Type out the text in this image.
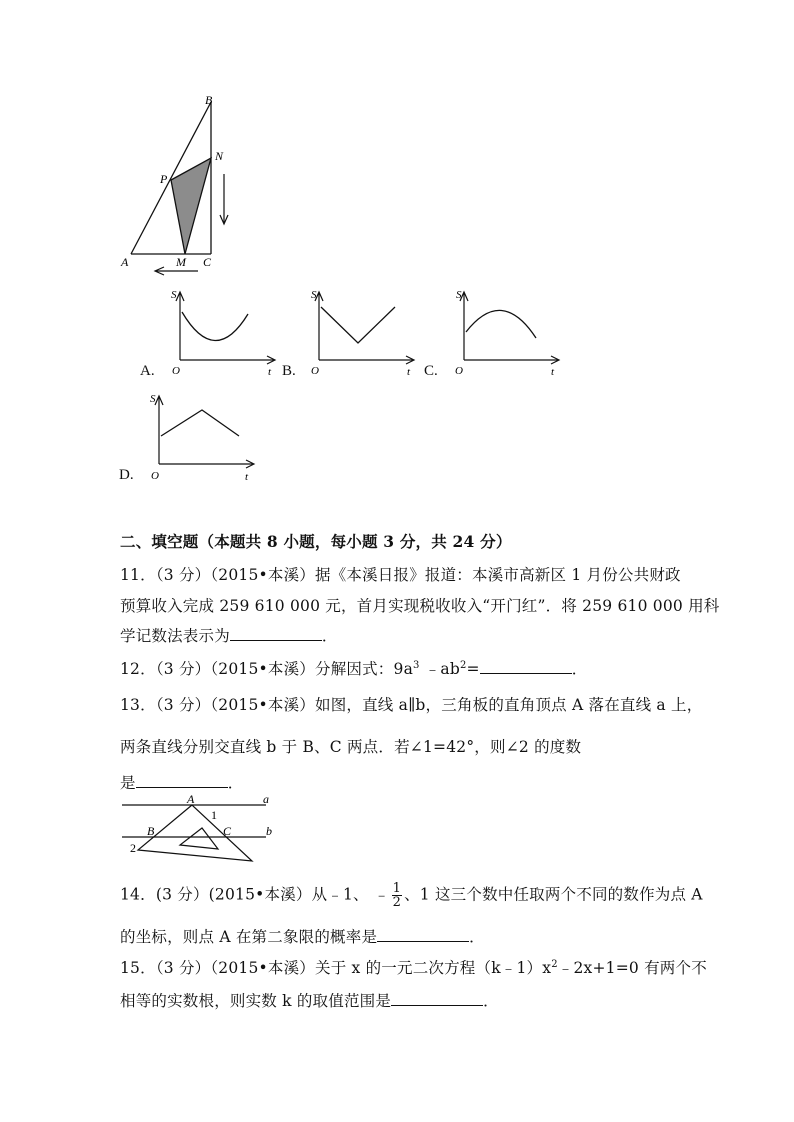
B
N
P
A	M C
S
O	t
A.
S
O	t
B.
S
O	t
C.
S
O	t
D.
二、填空题（本题共 8 小题，每小题 3 分，共 24 分）
11．（3 分）（2015•本溪）据《本溪日报》报道：本溪市高新区 1 月份公共财政
预算收入完成 259 610 000 元，首月实现税收收入“开门红”．将 259 610 000 用科
学记数法表示为	．
12．（3 分）（2015•本溪）分解因式：$9a^3$ $﹣ab^2=$	．
13．（3 分）（2015•本溪）如图，直线 a∥b，三角板的直角顶点 A 落在直线 a 上，
两条直线分别交直线 b 于 B、C 两点．若∠1=42°，则∠2 的度数
是	．
A	a
1
B	C	b
2
14．(3 分）(2015•本溪）从﹣1、 ﹣ $\frac{1}{2}$ 、1 这三个数中任取两个不同的数作为点 A
的坐标，则点 A 在第二象限的概率是	．
15．（3 分）（2015•本溪）关于 x 的一元二次方程$(k﹣1)x^2﹣2x+1=0$ 有两个不
相等的实数根，则实数 k 的取值范围是	．
